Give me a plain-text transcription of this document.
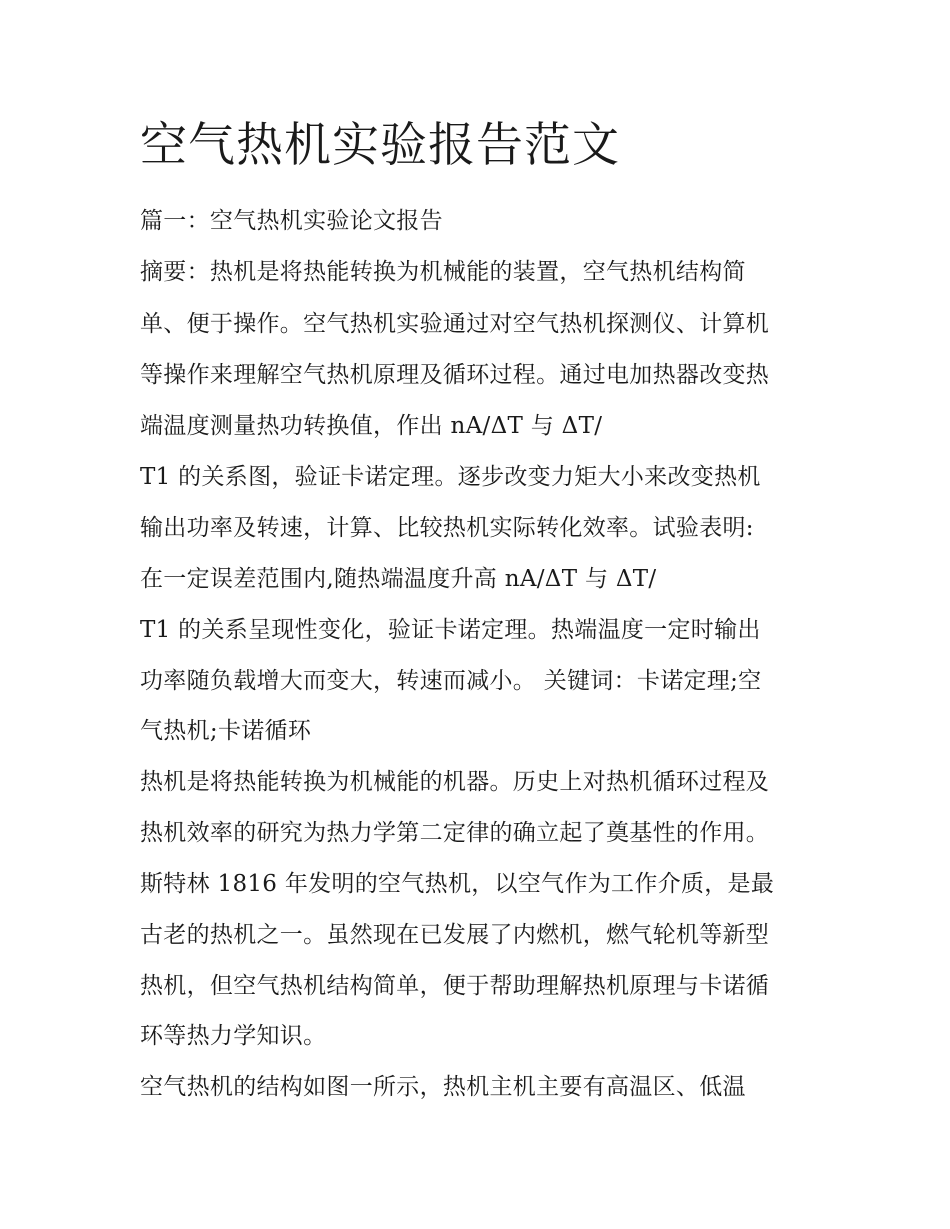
空气热机实验报告范文
篇一：空气热机实验论文报告
摘要：热机是将热能转换为机械能的装置，空气热机结构简
单、便于操作。空气热机实验通过对空气热机探测仪、计算机
等操作来理解空气热机原理及循环过程。通过电加热器改变热
端温度测量热功转换值，作出 nA/ΔT 与 ΔT/
T1 的关系图，验证卡诺定理。逐步改变力矩大小来改变热机
输出功率及转速，计算、比较热机实际转化效率。试验表明:
在一定误差范围内,随热端温度升高 nA/ΔT 与 ΔT/
T1 的关系呈现性变化，验证卡诺定理。热端温度一定时输出
功率随负载增大而变大，转速而减小。 关键词：卡诺定理;空
气热机;卡诺循环
热机是将热能转换为机械能的机器。历史上对热机循环过程及
热机效率的研究为热力学第二定律的确立起了奠基性的作用。
斯特林 1816 年发明的空气热机，以空气作为工作介质，是最
古老的热机之一。虽然现在已发展了内燃机，燃气轮机等新型
热机，但空气热机结构简单，便于帮助理解热机原理与卡诺循
环等热力学知识。
空气热机的结构如图一所示，热机主机主要有高温区、低温
